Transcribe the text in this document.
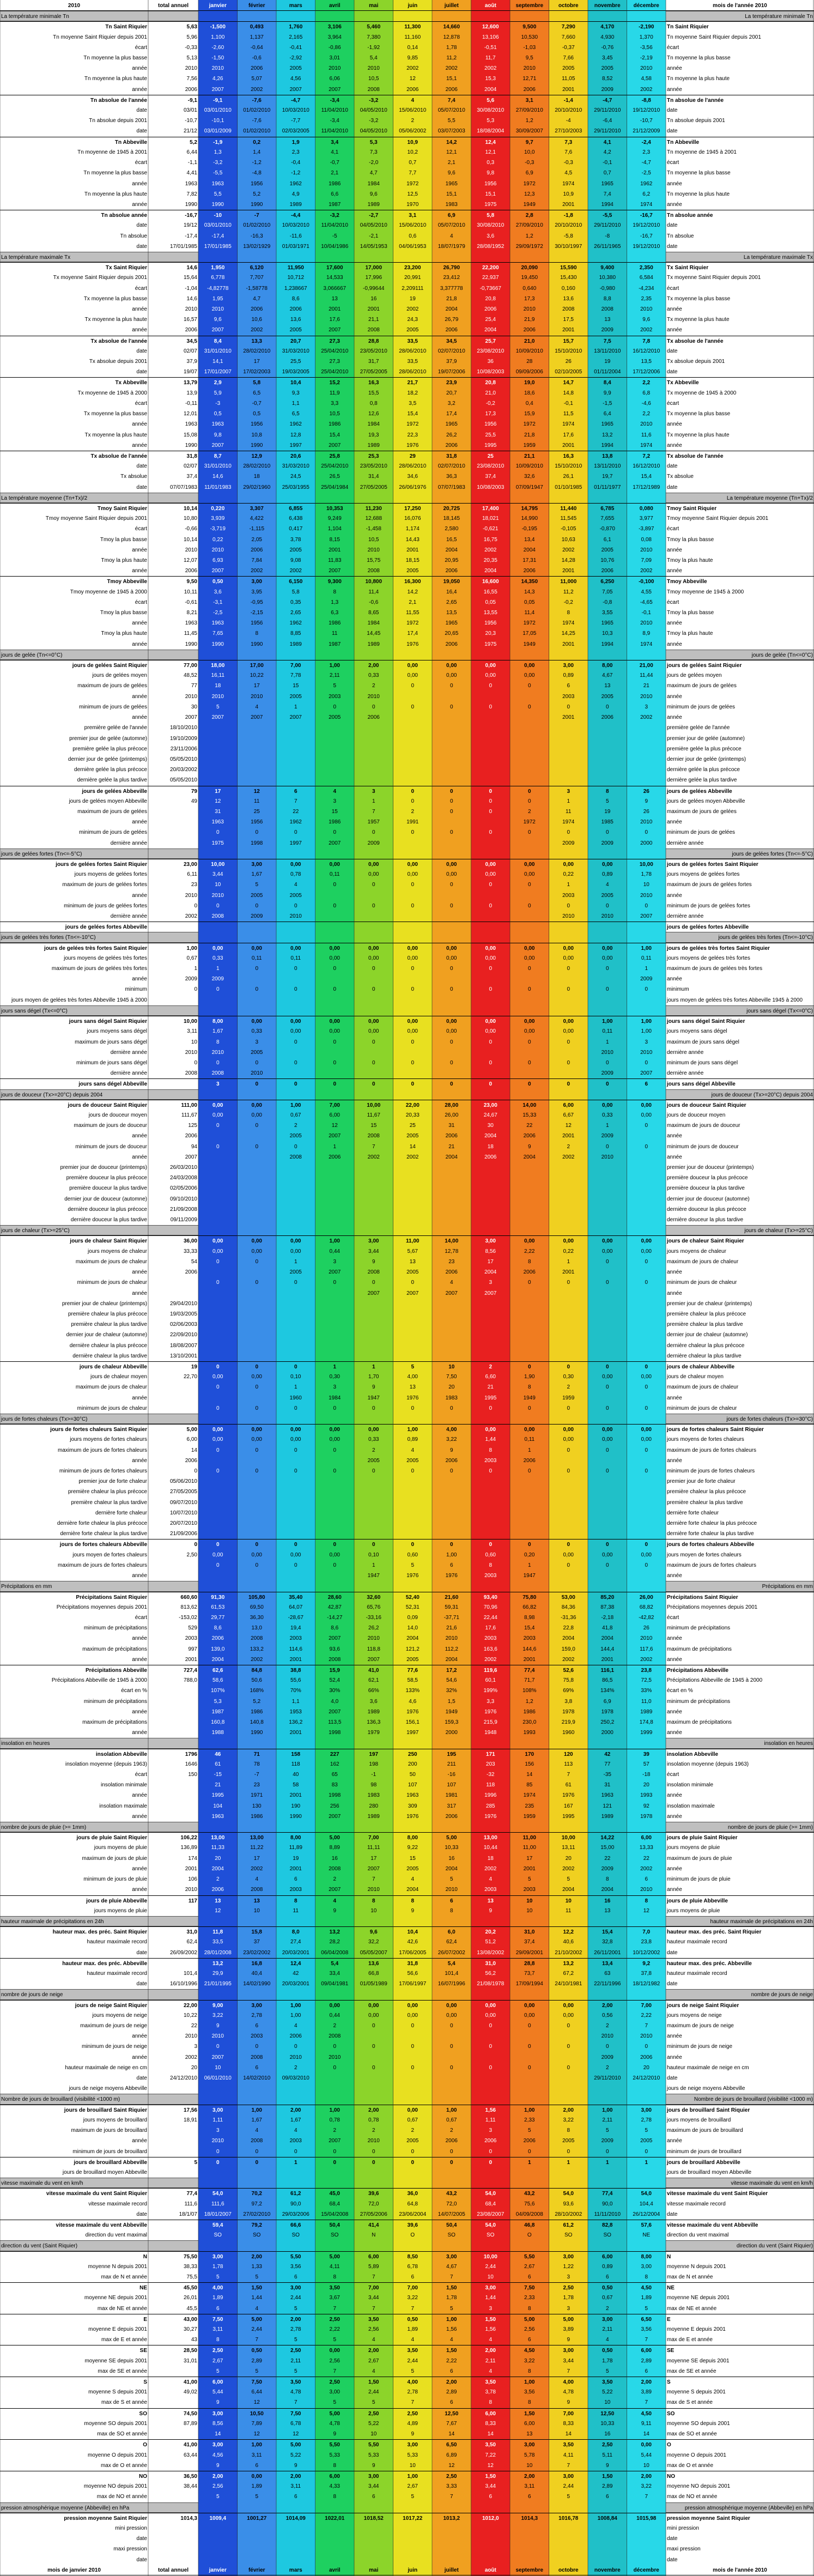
2010	total annuel	janvier	février	mars	avril	mai	juin	juillet	août	septembre	octobre	novembre	décembre	mois de l'année 2010
La température minimale Tn	La température minimale Tn
Tn Saint Riquier	5,63	-1,500	0,493	1,760	3,106	5,460	11,300	14,660	12,600	9,500	7,290	4,170	-2,190	Tn Saint Riquier
Tn moyenne Saint Riquier depuis 2001	5,96	1,100	1,137	2,165	3,964	7,380	11,160	12,878	13,106	10,530	7,660	4,930	1,370	Tn moyenne Saint Riquier depuis 2001
écart	-0,33	-2,60	-0,64	-0,41	-0,86	-1,92	0,14	1,78	-0,51	-1,03	-0,37	-0,76	-3,56	écart
Tn moyenne la plus basse	5,13	-1,50	-0,6	-2,92	3,01	5,4	9,85	11,2	11,7	9,5	7,66	3,45	-2,19	Tn moyenne la plus basse
année	2010	2010	2006	2005	2010	2010	2002	2002	2002	2010	2005	2005	2010	année
Tn moyenne la plus haute	7,56	4,26	5,07	4,56	6,06	10,5	12	15,1	15,3	12,71	11,05	8,52	4,58	Tn moyenne la plus haute
année	2006	2007	2002	2007	2007	2008	2006	2006	2004	2006	2001	2009	2002	année
Tn absolue de l'année	-9,1	-9,1	-7,6	-4,7	-3,4	-3,2	4	7,4	5,6	3,1	-1,4	-4,7	-8,8	Tn absolue de l'année
date	03/01	03/01/2010	01/02/2010	10/03/2010	11/04/2010	04/05/2010	15/06/2010	05/07/2010	30/08/2010	27/09/2010	20/10/2010	29/11/2010	19/12/2010	date
Tn absolue depuis 2001	-10,7	-10,1	-7,6	-7,7	-3,4	-3,2	2	5,5	5,3	1,2	-4	-6,4	-10,7	Tn absolue depuis 2001
date	21/12	03/01/2009	01/02/2010	02/03/2005	11/04/2010	04/05/2010	05/06/2002	03/07/2003	18/08/2004	30/09/2007	27/10/2003	29/11/2010	21/12/2009	date
Tn Abbeville	5,2	-1,9	0,2	1,9	3,4	5,3	10,9	14,2	12,4	9,7	7,3	4,1	-2,4	Tn Abbeville
Tn moyenne de 1945 à 2001	6,44	1,3	1,4	2,3	4,1	7,3	10,2	12,1	12,1	10,0	7,6	4,2	2,3	Tn moyenne de 1945 à 2001
écart	-1,1	-3,2	-1,2	-0,4	-0,7	-2,0	0,7	2,1	0,3	-0,3	-0,3	-0,1	-4,7	écart
Tn moyenne la plus basse	4,41	-5,5	-4,8	-1,2	2,1	4,7	7,7	9,6	9,8	6,9	4,5	0,7	-2,5	Tn moyenne la plus basse
année	1963	1963	1956	1962	1986	1984	1972	1965	1956	1972	1974	1965	1962	année
Tn moyenne la plus haute	7,82	5,5	5,2	4,9	6,6	9,6	12,5	15,1	15,1	12,3	10,9	7,4	6,2	Tn moyenne la plus haute
année	1990	1990	1990	1989	1987	1989	1970	1983	1975	1949	2001	1994	1974	année
Tn absolue année	-16,7	-10	-7	-4,4	-3,2	-2,7	3,1	6,9	5,8	2,8	-1,8	-5,5	-16,7	Tn absolue année
date	19/12	03/01/2010	01/02/2010	10/03/2010	11/04/2010	04/05/2010	15/06/2010	05/07/2010	30/08/2010	27/09/2010	20/10/2010	29/11/2010	19/12/2010	date
Tn absolue	-17,4	-17,4	-16,3	-11,6	-5	-2,1	0,6	4	3,6	1,2	-5,8	-8	-16,7	Tn absolue
date	17/01/1985	17/01/1985	13/02/1929	01/03/1971	10/04/1986	14/05/1953	04/06/1953	18/07/1979	28/08/1952	29/09/1972	30/10/1997	26/11/1965	19/12/2010	date
La température maximale Tx	La température maximale Tx
Tx Saint Riquier	14,6	1,950	6,120	11,950	17,600	17,000	23,200	26,790	22,200	20,090	15,590	9,400	2,350	Tx Saint Riquier
Tx moyenne Saint Riquier depuis 2001	15,64	6,778	7,707	10,712	14,533	17,996	20,991	23,412	22,937	19,450	15,430	10,380	6,584	Tx moyenne Saint Riquier depuis 2001
écart	-1,04	-4,82778	-1,58778	1,238667	3,066667	-0,99644	2,209111	3,377778	-0,73667	0,640	0,160	-0,980	-4,234	écart
Tx moyenne la plus basse	14,6	1,95	4,7	8,6	13	16	19	21,8	20,8	17,3	13,6	8,8	2,35	Tx moyenne la plus basse
année	2010	2010	2006	2006	2001	2001	2002	2004	2006	2010	2008	2008	2010	année
Tx moyenne la plus haute	16,57	9,6	10,6	13,6	17,6	21,1	24,3	26,79	25,4	21,9	17,5	13	9,6	Tx moyenne la plus haute
année	2006	2007	2002	2005	2007	2008	2005	2006	2004	2006	2001	2009	2002	année
Tx absolue de l'année	34,5	8,4	13,3	20,7	27,3	28,8	33,5	34,5	25,7	21,0	15,7	7,5	7,8	Tx absolue de l'année
date	02/07	31/01/2010	28/02/2010	31/03/2010	25/04/2010	23/05/2010	28/06/2010	02/07/2010	23/08/2010	10/09/2010	15/10/2010	13/11/2010	16/12/2010	date
Tx absolue depuis 2001	37,9	14,1	17	25,5	27,3	31,7	33,5	37,9	36	28	26	19	13,5	Tx absolue depuis 2001
date	19/07	17/01/2007	17/02/2003	19/03/2005	25/04/2010	27/05/2005	28/06/2010	19/07/2006	10/08/2003	09/09/2006	02/10/2005	01/11/2004	17/12/2006	date
Tx Abbeville	13,79	2,9	5,8	10,4	15,2	16,3	21,7	23,9	20,8	19,0	14,7	8,4	2,2	Tx Abbeville
Tx moyenne de 1945 à 2000	13,9	5,9	6,5	9,3	11,9	15,5	18,2	20,7	21,0	18,6	14,8	9,9	6,8	Tx moyenne de 1945 à 2000
écart	-0,11	-3	-0,7	1,1	3,3	0,8	3,5	3,2	-0,2	0,4	-0,1	-1,5	-4,6	écart
Tx moyenne la plus basse	12,01	0,5	0,5	6,5	10,5	12,6	15,4	17,4	17,3	15,9	11,5	6,4	2,2	Tx moyenne la plus basse
année	1963	1963	1956	1962	1986	1984	1972	1965	1956	1972	1974	1965	2010	année
Tx moyenne la plus haute	15,08	9,8	10,8	12,8	15,4	19,3	22,3	26,2	25,5	21,8	17,6	13,2	11,6	Tx moyenne la plus haute
année	1990	2007	1990	1997	2007	1989	1976	2006	1995	1959	2001	1994	1974	année
Tx absolue de l'année	31,8	8,7	12,9	20,6	25,8	25,3	29	31,8	25	21,1	16,3	13,8	7,2	Tx absolue de l'année
date	02/07	31/01/2010	28/02/2010	31/03/2010	25/04/2010	23/05/2010	28/06/2010	02/07/2010	23/08/2010	10/09/2010	15/10/2010	13/11/2010	16/12/2010	date
Tx absolue	37,4	14,6	18	24,5	26,5	31,4	34,6	36,3	37,4	32,6	26,1	19,7	15,4	Tx absolue
date	07/07/1983	11/01/1983	29/02/1960	25/03/1955	25/04/1984	27/05/2005	26/06/1976	07/07/1983	10/08/2003	07/09/1947	01/10/1985	01/11/1977	17/12/1989	date
La température moyenne (Tn+Tx)/2	La température moyenne (Tn+Tx)/2
Tmoy Saint Riquier	10,14	0,220	3,307	6,855	10,353	11,230	17,250	20,725	17,400	14,795	11,440	6,785	0,080	Tmoy Saint Riquier
Tmoy moyenne Saint Riquier depuis 2001	10,80	3,939	4,422	6,438	9,249	12,688	16,076	18,145	18,021	14,990	11,545	7,655	3,977	Tmoy moyenne Saint Riquier depuis 2001
écart	-0,66	-3,719	-1,115	0,417	1,104	-1,458	1,174	2,580	-0,621	-0,195	-0,105	-0,870	-3,897	écart
Tmoy la plus basse	10,14	0,22	2,05	3,78	8,15	10,5	14,43	16,5	16,75	13,4	10,63	6,1	0,08	Tmoy la plus basse
année	2010	2010	2006	2005	2001	2010	2001	2004	2002	2004	2002	2005	2010	année
Tmoy la plus haute	12,07	6,93	7,84	9,08	11,83	15,75	18,15	20,95	20,35	17,31	14,28	10,76	7,09	Tmoy la plus haute
année	2006	2007	2002	2002	2007	2008	2005	2006	2004	2006	2001	2006	2002	année
Tmoy Abbeville	9,50	0,50	3,00	6,150	9,300	10,800	16,300	19,050	16,600	14,350	11,000	6,250	-0,100	Tmoy Abbeville
Tmoy moyenne de 1945 à 2000	10,11	3,6	3,95	5,8	8	11,4	14,2	16,4	16,55	14,3	11,2	7,05	4,55	Tmoy moyenne de 1945 à 2000
écart	-0,61	-3,1	-0,95	0,35	1,3	-0,6	2,1	2,65	0,05	0,05	-0,2	-0,8	-4,65	écart
Tmoy la plus basse	8,21	-2,5	-2,15	2,65	6,3	8,65	11,55	13,5	13,55	11,4	8	3,55	-0,1	Tmoy la plus basse
année	1963	1963	1956	1962	1986	1984	1972	1965	1956	1972	1974	1965	2010	année
Tmoy la plus haute	11,45	7,65	8	8,85	11	14,45	17,4	20,65	20,3	17,05	14,25	10,3	8,9	Tmoy la plus haute
année	1990	1990	1990	1989	1987	1989	1976	2006	1975	1949	2001	1994	1974	année
jours de gelée (Tn<=0°C)	jours de gelée (Tn<=0°C)
jours de gelées Saint Riquier	77,00	18,00	17,00	7,00	1,00	2,00	0,00	0,00	0,00	0,00	3,00	8,00	21,00	jours de gelées Saint Riquier
jours de gelées moyen	48,52	16,11	10,22	7,78	2,11	0,33	0,00	0,00	0,00	0,00	0,89	4,67	11,44	jours de gelées moyen
maximum de jours de gelées	77	18	17	15	5	2	0	0	0	0	6	13	21	maximum de jours de gelées
année	2010	2010	2010	2005	2003	2010	2003	2005	2010	année
minimum de jours de gelées	30	5	4	1	0	0	0	0	0	0	0	0	3	minimum de jours de gelées
année	2007	2007	2007	2007	2005	2006	2001	2006	2002	année
première gelée de l'année	18/10/2010	première gelée de l'année
premier jour de gelée (automne)	19/10/2009	premier jour de gelée (automne)
première gelée la plus précoce	23/11/2006	première gelée la plus précoce
dernier jour de gelée (printemps)	05/05/2010	dernier jour de gelée (printemps)
dernière gelée la plus précoce	20/03/2002	dernière gelée la plus précoce
dernière gelée la plus tardive	05/05/2010	dernière gelée la plus tardive
jours de gelées Abbeville	79	17	12	6	4	3	0	0	0	0	3	8	26	jours de gelées Abbeville
jours de gelées moyen Abbeville	49	12	11	7	3	1	0	0	0	0	1	5	9	jours de gelées moyen Abbeville
maximum de jours de gelées	31	25	22	15	7	2	0	0	2	11	19	26	maximum de jours de gelées
année	1963	1956	1962	1986	1957	1991	1972	1974	1985	2010	année
minimum de jours de gelées	0	0	0	0	0	0	0	0	0	0	0	0	minimum de jours de gelées
dernière année	1975	1998	1997	2007	2009	2009	2009	2000	dernière année
jours de gelées fortes (Tn<=-5°C)	jours de gelées fortes (Tn<=-5°C)
jours de gelées fortes Saint Riquier	23,00	10,00	3,00	0,00	0,00	0,00	0,00	0,00	0,00	0,00	0,00	0,00	10,00	jours de gelées fortes Saint Riquier
jours moyens de gelées fortes	6,11	3,44	1,67	0,78	0,11	0,00	0,00	0,00	0,00	0,00	0,22	0,89	1,78	jours moyens de gelées fortes
maximum de jours de gelées fortes	23	10	5	4	0	0	0	0	0	0	1	4	10	maximum de jours de gelées fortes
année	2010	2010	2005	2005	2003	2005	2010	année
minimum de jours de gelées fortes	0	0	0	0	0	0	0	0	0	0	0	0	0	minimum de jours de gelées fortes
dernière année	2002	2008	2009	2010	2010	2010	2007	dernière année
jours de gelées fortes Abbeville	jours de gelées fortes Abbeville
jours de gelées très fortes (Tn<=-10°C)	jours de gelées très fortes (Tn<=-10°C)
jours de gelées très fortes Saint Riquier	1,00	0,00	0,00	0,00	0,00	0,00	0,00	0,00	0,00	0,00	0,00	0,00	1,00	jours de gelées très fortes Saint Riquier
jours moyens de gelées très fortes	0,67	0,33	0,11	0,11	0,00	0,00	0,00	0,00	0,00	0,00	0,00	0,00	0,11	jours moyens de gelées très fortes
maximum de jours de gelées très fortes	1	1	0	0	0	0	0	0	0	0	0	0	1	maximum de jours de gelées très fortes
année	2009	2009	2009	année
minimum	0	0	0	0	0	0	0	0	0	0	0	0	0	minimum
jours moyen de gelées très fortes Abbeville 1945 à 2000	jours moyen de gelées très fortes Abbeville 1945 à 2000
jours sans dégel (Tx<=0°C)	jours sans dégel (Tx<=0°C)
jours sans dégel Saint Riquier	10,00	8,00	0,00	0,00	0,00	0,00	0,00	0,00	0,00	0,00	0,00	1,00	1,00	jours sans dégel Saint Riquier
jours moyens sans dégel	3,11	1,67	0,33	0,00	0,00	0,00	0,00	0,00	0,00	0,00	0,00	0,11	1,00	jours moyens sans dégel
maximum de jours sans dégel	10	8	3	0	0	0	0	0	0	0	0	1	3	maximum de jours sans dégel
dernière année	2010	2010	2005	2010	2010	dernière année
minimum de jours sans dégel	0	0	0	0	0	0	0	0	0	0	0	0	0	minimum de jours sans dégel
dernière année	2008	2008	2010	2009	2007	dernière année
jours sans dégel Abbeville	3	0	0	0	0	0	0	0	0	0	0	6	jours sans dégel Abbeville
jours de douceur (Tx>=20°C) depuis 2004	jours de douceur (Tx>=20°C) depuis 2004
jours de douceur Saint Riquier	111,00	0,00	0,00	1,00	7,00	10,00	22,00	28,00	23,00	14,00	6,00	0,00	0,00	jours de douceur Saint Riquier
jours de douceur moyen	111,67	0,00	0,00	0,67	6,00	11,67	20,33	26,00	24,67	15,33	6,67	0,33	0,00	jours de douceur moyen
maximum de jours de douceur	125	0	0	2	12	15	25	31	30	22	12	1	0	maximum de jours de douceur
année	2006	2005	2007	2008	2005	2006	2004	2006	2001	2009	année
minimum de jours de douceur	94	0	0	0	1	7	14	21	18	9	2	0	0	minimum de jours de douceur
année	2007	2008	2006	2002	2002	2004	2006	2004	2002	2010	année
premier jour de douceur (printemps)	26/03/2010	premier jour de douceur (printemps)
première douceur la plus précoce	24/03/2008	première douceur la plus précoce
première douceur la plus tardive	02/05/2006	première douceur la plus tardive
dernier jour de douceur (automne)	09/10/2010	dernier jour de douceur (automne)
dernière douceur la plus précoce	21/09/2008	dernière douceur la plus précoce
dernière douceur la plus tardive	09/11/2009	dernière douceur la plus tardive
jours de chaleur (Tx>=25°C)	jours de chaleur (Tx>=25°C)
jours de chaleur Saint Riquier	36,00	0,00	0,00	0,00	1,00	3,00	11,00	14,00	3,00	0,00	0,00	0,00	0,00	jours de chaleur Saint Riquier
jours moyens de chaleur	33,33	0,00	0,00	0,00	0,44	3,44	5,67	12,78	8,56	2,22	0,22	0,00	0,00	jours moyens de chaleur
maximum de jours de chaleur	54	0	0	1	3	9	13	23	17	8	1	0	0	maximum de jours de chaleur
année	2006	2005	2007	2008	2005	2006	2004	2006	2001	année
minimum de jours de chaleur	0	0	0	0	0	0	4	3	0	0	0	0	minimum de jours de chaleur
année	2007	2007	2007	2007	année
premier jour de chaleur (printemps)	29/04/2010	premier jour de chaleur (printemps)
première chaleur la plus précoce	19/03/2005	première chaleur la plus précoce
première chaleur la plus tardive	02/06/2003	première chaleur la plus tardive
dernier jour de chaleur (automne)	22/09/2010	dernier jour de chaleur (automne)
dernière chaleur la plus précoce	18/08/2007	dernière chaleur la plus précoce
dernière chaleur la plus tardive	13/10/2001	dernière chaleur la plus tardive
jours de chaleur Abbeville	19	0	0	0	1	1	5	10	2	0	0	0	0	jours de chaleur Abbeville
jours de chaleur moyen	22,70	0,00	0,00	0,10	0,30	1,70	4,00	7,50	6,60	1,90	0,30	0,00	0,00	jours de chaleur moyen
maximum de jours de chaleur	0	0	1	3	9	13	20	21	8	2	0	0	maximum de jours de chaleur
année	1960	1984	1947	1976	1983	1995	1949	1959	année
minimum de jours de chaleur	0	0	0	0	0	0	0	0	0	0	0	0	minimum de jours de chaleur
jours de fortes chaleurs (Tx>=30°C)	jours de fortes chaleurs (Tx>=30°C)
jours de fortes chaleurs Saint Riquier	5,00	0,00	0,00	0,00	0,00	0,00	1,00	4,00	0,00	0,00	0,00	0,00	0,00	jours de fortes chaleurs Saint Riquier
jours moyens de fortes chaleurs	6,00	0,00	0,00	0,00	0,00	0,33	0,89	3,22	1,44	0,11	0,00	0,00	0,00	jours moyens de fortes chaleurs
maximum de jours de fortes chaleurs	14	0	0	0	0	2	4	9	8	1	0	0	0	maximum de jours de fortes chaleurs
année	2006	2005	2005	2006	2003	2006	année
minimum de jours de fortes chaleurs	0	0	0	0	0	0	0	0	0	0	0	0	0	minimum de jours de fortes chaleurs
premier jour de forte chaleur	05/06/2010	premier jour de forte chaleur
première chaleur la plus précoce	27/05/2005	première chaleur la plus précoce
première chaleur la plus tardive	09/07/2010	première chaleur la plus tardive
dernière forte chaleur	10/07/2010	dernière forte chaleur
dernière forte chaleur la plus précoce	20/07/2010	dernière forte chaleur la plus précoce
dernière forte chaleur la plus tardive	21/09/2006	dernière forte chaleur la plus tardive
jours de fortes chaleurs Abbeville	0	0	0	0	0	0	0	0	0	0	0	0	0	jours de fortes chaleurs Abbeville
jours moyen de fortes chaleurs	2,50	0,00	0,00	0,00	0,00	0,10	0,60	1,00	0,60	0,20	0,00	0,00	0,00	jours moyen de fortes chaleurs
maximum de jours de fortes chaleurs	0	0	0	0	1	5	6	8	1	0	0	0	maximum de jours de fortes chaleurs
année	1947	1976	1976	2003	1947	année
Précipitations en mm	Précipitations en mm
Précipitations Saint Riquier	660,60	91,30	105,80	35,40	28,60	32,60	52,40	21,60	93,40	75,80	53,00	85,20	26,00	Précipitations Saint Riquier
Précipitations moyennes depuis 2001	813,62	61,53	69,50	64,07	42,87	65,76	52,31	59,31	70,96	66,82	84,36	87,38	68,82	Précipitations moyennes depuis 2001
écart	-153,02	29,77	36,30	-28,67	-14,27	-33,16	0,09	-37,71	22,44	8,98	-31,36	-2,18	-42,82	écart
minimum de précipitations	529	8,6	13,0	19,4	8,6	26,2	14,0	21,6	17,6	15,4	22,8	41,8	26	minimum de précipitations
année	2003	2006	2008	2003	2007	2010	2004	2010	2003	2003	2004	2004	2010	année
maximum de précipitations	997	139,0	133,2	114,6	93,6	118,8	121,2	112,2	163,6	144,6	159,0	144,4	117,6	maximum de précipitations
année	2001	2004	2002	2001	2008	2007	2005	2004	2002	2001	2002	2001	2002	année
Précipitations Abbeville	727,4	62,6	84,8	38,8	15,9	41,0	77,6	17,2	119,6	77,4	52,6	116,1	23,8	Précipitations Abbeville
Précipitations Abbeville de 1945 à 2000	788,0	58,6	50,6	55,6	52,4	62,1	58,5	54,6	60,1	71,7	75,8	86,5	72,5	Précipitations Abbeville de 1945 à 2000
écart en %	107%	168%	70%	30%	66%	133%	32%	199%	108%	69%	134%	33%	écart en %
minimum de précipitations	5,3	5,2	1,1	4,0	3,6	4,6	1,5	3,3	1,2	3,8	6,9	11,0	minimum de précipitations
année	1987	1986	1953	2007	1989	1976	1949	1976	1986	1978	1978	1989	année
maximum de précipitations	160,8	140,8	136,2	113,5	136,3	156,1	159,3	215,9	230,0	219,9	250,2	174,8	maximum de précipitations
année	1988	1990	2001	1998	1979	1997	2000	1948	1993	1960	2000	1999	année
insolation en heures	insolation en heures
insolation Abbeville	1796	46	71	158	227	197	250	195	171	170	120	42	39	insolation Abbeville
insolation moyenne (depuis 1963)	1646	61	78	118	162	198	200	211	203	156	113	77	57	insolation moyenne (depuis 1963)
écart	150	-15	-7	40	65	-1	50	-16	-32	14	7	-35	-18	écart
insolation minimale	21	23	58	83	98	107	107	118	85	61	31	20	insolation minimale
année	1995	1971	2001	1998	1983	1963	1981	1996	1974	1976	1963	1993	année
insolation maximale	104	130	190	256	280	309	317	285	235	167	121	92	insolation maximale
année	1963	1986	1990	2007	1989	1976	2006	1976	1959	1995	1989	1978	année
nombre de jours de pluie (>= 1mm)	nombre de jours de pluie (>= 1mm)
jours de pluie Saint Riquier	106,22	13,00	13,00	8,00	5,00	7,00	8,00	5,00	13,00	11,00	10,00	14,22	6,00	jours de pluie Saint Riquier
jours moyens de pluie	136,89	11,33	11,22	11,89	8,89	11,11	9,22	10,33	10,44	11,00	13,11	15,00	13,33	jours moyens de pluie
maximum de jours de pluie	174	20	17	19	16	17	15	16	18	17	20	22	22	maximum de jours de pluie
année	2001	2004	2002	2001	2008	2007	2005	2004	2002	2001	2002	2009	2002	année
minimum de jours de pluie	106	2	4	6	2	7	4	5	4	5	5	8	6	minimum de jours de pluie
année	2010	2006	2008	2003	2007	2010	2004	2010	2003	2003	2004	2004	2010	année
jours de pluie Abbeville	117	13	13	8	4	8	8	6	13	10	10	16	8	jours de pluie Abbeville
jours moyens de pluie	12	10	11	9	10	9	8	9	10	11	13	12	jours moyens de pluie
hauteur maximale de précipitations en 24h	hauteur maximale de précipitations en 24h
hauteur max. des préc. Saint Riquier	31,0	11,8	15,8	8,0	13,2	9,6	10,4	6,0	20,2	31,0	12,2	15,4	7,0	hauteur max. des préc. Saint Riquier
hauteur maximale record	62,4	33,5	37	27,4	28,2	32,2	42,6	62,4	51,2	37,4	40,6	32,8	23,8	hauteur maximale record
date	26/09/2002	28/01/2008	23/02/2002	20/03/2001	06/04/2008	05/05/2007	17/06/2005	26/07/2002	13/08/2002	29/09/2001	21/10/2002	26/11/2001	10/12/2002	date
hauteur max. des préc. Abbeville	13,2	16,8	12,4	5,4	13,6	31,8	5,4	31,0	28,8	13,2	13,4	9,2	hauteur max. des préc. Abbeville
hauteur maximale record	101,4	29,9	40,4	42	33,4	66,8	56,6	101,4	56,2	73,7	67,2	63	37,8	hauteur maximale record
date	16/10/1996	21/01/1995	14/02/1990	20/03/2001	09/04/1981	01/05/1989	17/06/1997	16/07/1996	21/08/1978	17/09/1994	24/10/1981	22/11/1996	18/12/1982	date
nombre de jours de neige	nombre de jours de neige
jours de neige Saint Riquier	22,00	9,00	3,00	1,00	0,00	0,00	0,00	0,00	0,00	0,00	0,00	2,00	7,00	jours de neige Saint Riquier
jours moyens de neige	10,22	3,22	2,78	1,00	0,44	0,00	0,00	0,00	0,00	0,00	0,00	0,56	2,22	jours moyens de neige
maximum de jours de neige	22	9	6	4	2	0	0	0	0	0	0	2	7	maximum de jours de neige
année	2010	2010	2003	2006	2008	2010	2010	année
minimum de jours de neige	3	0	0	0	0	0	0	0	0	0	0	0	0	minimum de jours de neige
année	2002	2007	2008	2010	2010	2009	2006	année
hauteur maximale de neige en cm	20	10	6	2	0	0	0	0	0	0	0	2	20	hauteur maximale de neige en cm
date	24/12/2010	06/01/2010	14/02/2010	09/03/2010	29/11/2010	24/12/2010	date
jours de neige moyens Abbeville	jours de neige moyens Abbeville
Nombre de jours de brouillard (visibilité <1000 m)	Nombre de jours de brouillard (visibilité <1000 m)
jours de brouillard Saint Riquier	17,56	3,00	1,00	2,00	1,00	2,00	0,00	1,00	1,56	1,00	2,00	1,00	3,00	jours de brouillard Saint Riquier
jours moyens de brouillard	18,91	1,11	1,67	1,67	0,78	0,78	0,67	0,67	1,11	2,33	3,22	2,11	2,78	jours moyens de brouillard
maximum de jours de brouillard	3	4	4	2	2	2	2	3	5	8	5	5	maximum de jours de brouillard
année	2010	2008	2003	2007	2010	2005	2006	2006	2006	2005	2009	2005	année
minimum de jours de brouillard	0	0	0	0	0	0	0	0	0	0	0	0	minimum de jours de brouillard
jours de brouillard Abbeville	5	0	0	1	0	0	0	0	0	1	1	1	1	jours de brouillard Abbeville
jours de brouillard moyen Abbeville	jours de brouillard moyen Abbeville
vitesse maximale du vent en km/h	vitesse maximale du vent en km/h
vitesse maximale du vent Saint Riquier	77,4	54,0	70,2	61,2	45,0	39,6	36,0	43,2	54,0	43,2	54,0	77,4	54,0	vitesse maximale du vent Saint Riquier
vitesse maximale record	111,6	111,6	97,2	90,0	68,4	72,0	64,8	72,0	68,4	75,6	93,6	90,0	104,4	vitesse maximale record
date	18/1/07	18/01/2007	27/02/2010	29/03/2006	15/04/2008	27/05/2006	23/06/2004	14/07/2005	23/08/2007	04/09/2008	28/10/2002	11/11/2010	26/12/2004	date
vitesse maximale du vent Abbeville	59,4	79,2	66,6	50,4	41,4	39,6	50,4	54,0	46,8	61,2	82,8	57,6	vitesse maximale du vent Abbeville
direction du vent maximal	SO	SO	SO	SO	N	O	SO	SO	O	SO	SO	NE	direction du vent maximal
direction du vent (Saint Riquier)	direction du vent (Saint Riquier)
N	75,50	3,00	2,00	5,50	5,00	6,00	8,50	3,00	10,00	5,50	3,00	6,00	8,00	N
moyenne N depuis 2001	38,33	1,78	1,33	3,56	4,11	5,89	6,78	4,67	2,44	2,67	1,22	0,89	3,00	moyenne N depuis 2001
max de N et année	75,5	5	5	6	8	7	6	7	10	6	3	6	8	max de N et année
NE	45,50	4,00	1,50	3,00	3,50	7,00	7,00	1,50	3,00	7,50	2,50	0,50	4,50	NE
moyenne NE depuis 2001	26,01	1,89	1,44	2,44	3,67	3,44	3,22	1,78	1,44	2,33	1,78	0,67	1,89	moyenne NE depuis 2001
max de NE et année	45,5	6	4	5	7	7	7	5	3	8	3	2	5	max de NE et année
E	43,00	7,50	5,00	2,00	2,50	3,50	0,50	1,00	1,50	5,00	5,00	3,00	6,50	E
moyenne E depuis 2001	30,27	3,11	2,44	2,78	2,22	2,56	1,89	1,56	1,56	2,56	3,89	2,11	3,56	moyenne E depuis 2001
max de E et année	43	8	7	5	5	4	4	4	4	6	9	4	7	max de E et année
SE	28,50	2,50	0,50	2,50	0,00	2,00	3,50	1,50	2,00	4,50	3,00	0,50	6,00	SE
moyenne SE depuis 2001	31,01	2,67	2,89	2,11	2,56	2,67	2,44	2,22	2,11	3,22	3,44	1,78	2,89	moyenne SE depuis 2001
max de SE et année	5	5	5	7	4	5	6	4	8	7	5	6	max de SE et année
S	41,00	6,00	7,50	3,50	2,50	1,50	4,00	2,00	3,50	1,00	4,00	3,50	2,00	S
moyenne S depuis 2001	49,02	5,44	6,44	4,78	3,00	2,44	2,78	2,89	3,78	3,56	4,78	5,22	3,89	moyenne S depuis 2001
max de S et année	9	12	7	5	5	7	6	8	8	9	10	7	max de S et année
SO	74,50	3,00	10,50	7,50	5,00	2,50	2,50	12,50	6,00	1,50	7,00	12,50	4,50	SO
moyenne SO depuis 2001	87,89	8,56	7,89	6,78	4,78	5,22	4,89	7,67	8,33	6,00	8,33	10,33	9,11	moyenne SO depuis 2001
max de SO et année	14	12	12	9	10	9	14	14	13	14	16	14	max de SO et année
O	41,00	3,00	1,00	5,00	5,50	5,50	3,00	6,50	3,50	3,00	3,50	2,50	0,00	O
moyenne O depuis 2001	63,44	4,56	3,11	5,22	5,33	5,33	5,33	6,89	7,22	5,78	4,11	5,11	5,44	moyenne O depuis 2001
max de O et année	9	6	9	8	9	10	12	12	10	7	9	10	max de O et année
NO	36,50	2,00	0,00	2,00	6,00	3,00	1,00	2,50	1,50	2,00	3,00	1,50	2,00	NO
moyenne NO depuis 2001	38,44	2,56	1,89	3,11	4,33	3,44	2,67	3,33	3,44	3,11	2,44	2,89	3,22	moyenne NO depuis 2001
max de NO et année	5	5	6	8	6	5	7	6	6	5	6	7	max de NO et année
pression atmosphérique moyenne (Abbeville) en hPa	pression atmosphérique moyenne (Abbeville) en hPa
pression moyenne Saint Riquier	1014,3	1009,4	1001,27	1014,09	1022,01	1018,52	1017,22	1013,2	1012,0	1014,3	1016,78	1008,84	1015,98	pression moyenne Saint Riquier
mini pression	mini pression
date	date
maxi pression	maxi pression
date	date
mois de janvier 2010	total annuel	janvier	février	mars	avril	mai	juin	juillet	août	septembre	octobre	novembre	décembre	mois de l'année 2010
